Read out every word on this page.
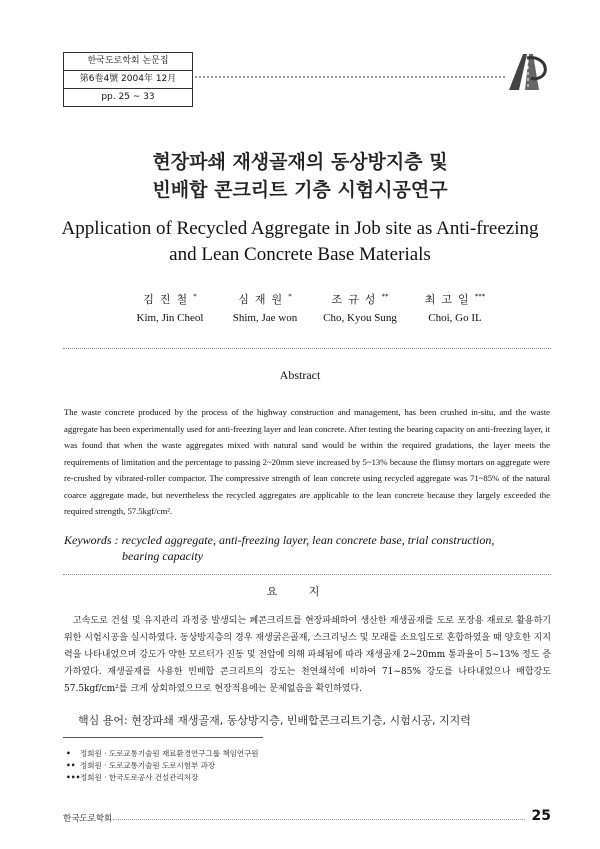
한국도로학회 논문집
第6卷4號 2004年 12月
pp. 25 ~ 33
현장파쇄 재생골재의 동상방지층 및
빈배합 콘크리트 기층 시험시공연구
Application of Recycled Aggregate in Job site as Anti-freezing
and Lean Concrete Base Materials
김진철*
Kim, Jin Cheol
심재원*
Shim, Jae won
조규성**
Cho, Kyou Sung
최고일***
Choi, Go IL
Abstract
The waste concrete produced by the process of the highway construction and management, has been crushed in-situ, and the waste aggregate has been experimentally used for anti-freezing layer and lean concrete. After testing the bearing capacity on anti-freezing layer, it was found that when the waste aggregates mixed with natural sand would be within the required gradations, the layer meets the requirements of limitation and the percentage to passing 2~20mm sieve increased by 5~13% because the flimsy mortars on aggregate were re-crushed by vibrated-roller compactor. The compressive strength of lean concrete using recycled aggregate was 71~85% of the natural coarce aggregate made, but nevertheless the recycled aggregates are applicable to the lean concrete because they largely exceeded the required strength, 57.5kgf/cm².
Keywords : recycled aggregate, anti-freezing layer, lean concrete base, trial construction,
bearing capacity
요 지
고속도로 건설 및 유지관리 과정중 발생되는 폐콘크리트를 현장파쇄하여 생산한 재생골재를 도로 포장용 재료로 활용하기 위한 시험시공을 실시하였다. 동상방지층의 경우 재생굵은골재, 스크리닝스 및 모래를 소요입도로 혼합하였을 때 양호한 지지력을 나타내었으며 강도가 약한 모르터가 진동 및 전압에 의해 파쇄됨에 따라 재생골재 2~20mm 통과율이 5~13% 정도 증가하였다. 재생골재를 사용한 빈배합 콘크리트의 강도는 천연쇄석에 비하여 71~85% 강도를 나타내었으나 배합강도 57.5kgf/cm²를 크게 상회하였으므로 현장적용에는 문제없음을 확인하였다.
핵심 용어: 현장파쇄 재생골재, 동상방지층, 빈배합콘크리트기층, 시험시공, 지지력
• 정회원 · 도로교통기술원 재료환경연구그룹 책임연구원
•• 정회원 · 도로교통기술원 도로시험부 과장
•••정회원 · 한국도로공사 건설관리처장
한국도로학회	25
